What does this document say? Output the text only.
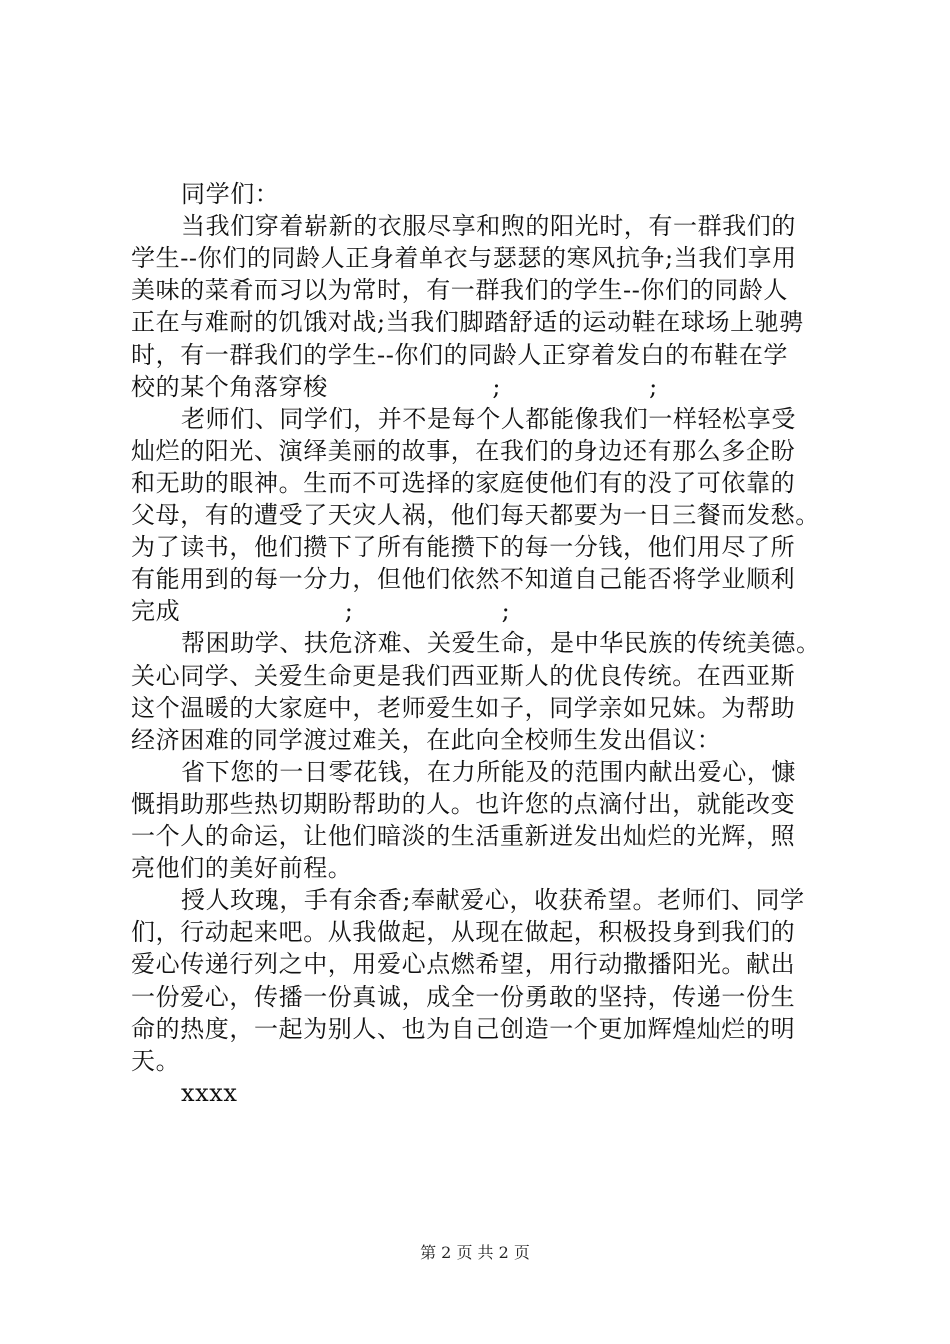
同学们：
当我们穿着崭新的衣服尽享和煦的阳光时，有一群我们的
学生--你们的同龄人正身着单衣与瑟瑟的寒风抗争;当我们享用
美味的菜肴而习以为常时，有一群我们的学生--你们的同龄人
正在与难耐的饥饿对战;当我们脚踏舒适的运动鞋在球场上驰骋
时，有一群我们的学生--你们的同龄人正穿着发白的布鞋在学
校的某个角落穿梭                    ;                  ;
老师们、同学们，并不是每个人都能像我们一样轻松享受
灿烂的阳光、演绎美丽的故事，在我们的身边还有那么多企盼
和无助的眼神。生而不可选择的家庭使他们有的没了可依靠的
父母，有的遭受了天灾人祸，他们每天都要为一日三餐而发愁。
为了读书，他们攒下了所有能攒下的每一分钱，他们用尽了所
有能用到的每一分力，但他们依然不知道自己能否将学业顺利
完成                    ;                  ;
帮困助学、扶危济难、关爱生命，是中华民族的传统美德。
关心同学、关爱生命更是我们西亚斯人的优良传统。在西亚斯
这个温暖的大家庭中，老师爱生如子，同学亲如兄妹。为帮助
经济困难的同学渡过难关，在此向全校师生发出倡议：
省下您的一日零花钱，在力所能及的范围内献出爱心，慷
慨捐助那些热切期盼帮助的人。也许您的点滴付出，就能改变
一个人的命运，让他们暗淡的生活重新迸发出灿烂的光辉，照
亮他们的美好前程。
授人玫瑰，手有余香;奉献爱心，收获希望。老师们、同学
们，行动起来吧。从我做起，从现在做起，积极投身到我们的
爱心传递行列之中，用爱心点燃希望，用行动撒播阳光。献出
一份爱心，传播一份真诚，成全一份勇敢的坚持，传递一份生
命的热度，一起为别人、也为自己创造一个更加辉煌灿烂的明
天。
xxxx
第 2 页 共 2 页
